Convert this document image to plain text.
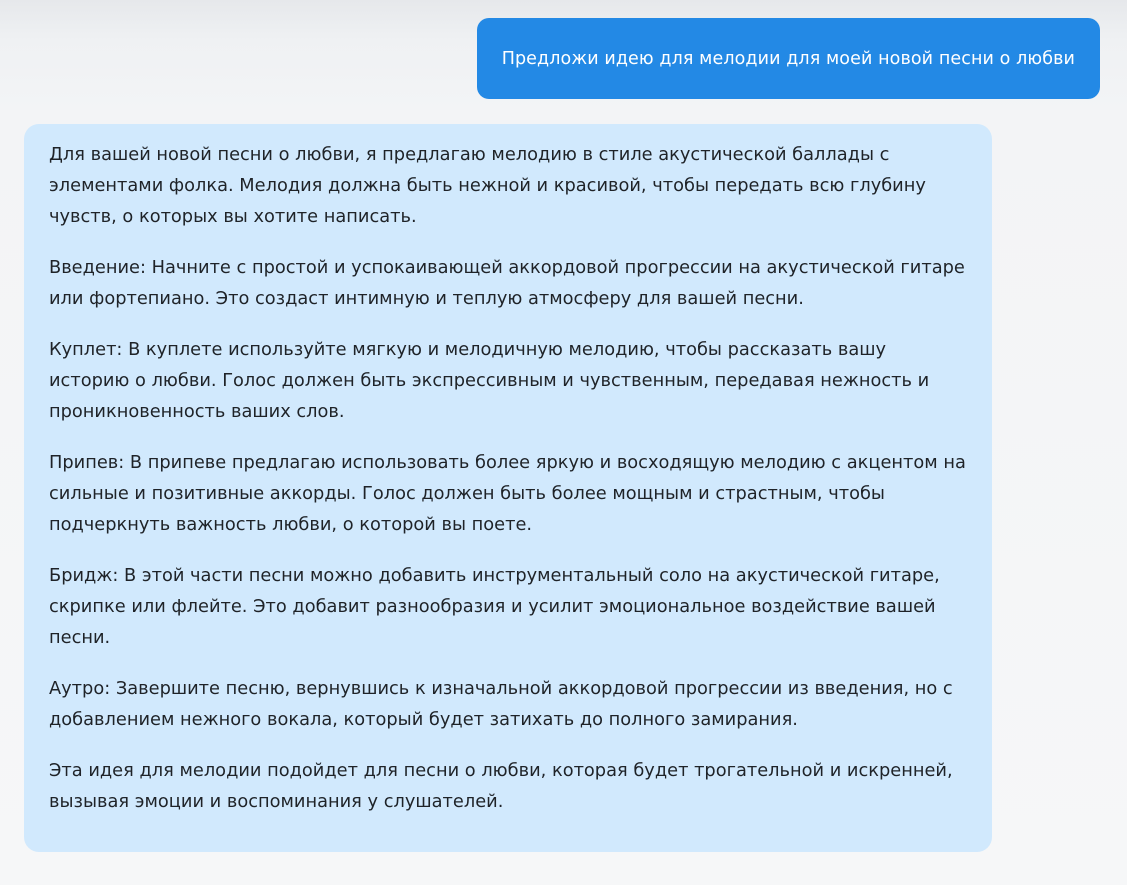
Предложи идею для мелодии для моей новой песни о любви

Для вашей новой песни о любви, я предлагаю мелодию в стиле акустической баллады с элементами фолка. Мелодия должна быть нежной и красивой, чтобы передать всю глубину чувств, о которых вы хотите написать.

Введение: Начните с простой и успокаивающей аккордовой прогрессии на акустической гитаре или фортепиано. Это создаст интимную и теплую атмосферу для вашей песни.

Куплет: В куплете используйте мягкую и мелодичную мелодию, чтобы рассказать вашу историю о любви. Голос должен быть экспрессивным и чувственным, передавая нежность и проникновенность ваших слов.

Припев: В припеве предлагаю использовать более яркую и восходящую мелодию с акцентом на сильные и позитивные аккорды. Голос должен быть более мощным и страстным, чтобы подчеркнуть важность любви, о которой вы поете.

Бридж: В этой части песни можно добавить инструментальный соло на акустической гитаре, скрипке или флейте. Это добавит разнообразия и усилит эмоциональное воздействие вашей песни.

Аутро: Завершите песню, вернувшись к изначальной аккордовой прогрессии из введения, но с добавлением нежного вокала, который будет затихать до полного замирания.

Эта идея для мелодии подойдет для песни о любви, которая будет трогательной и искренней, вызывая эмоции и воспоминания у слушателей.
